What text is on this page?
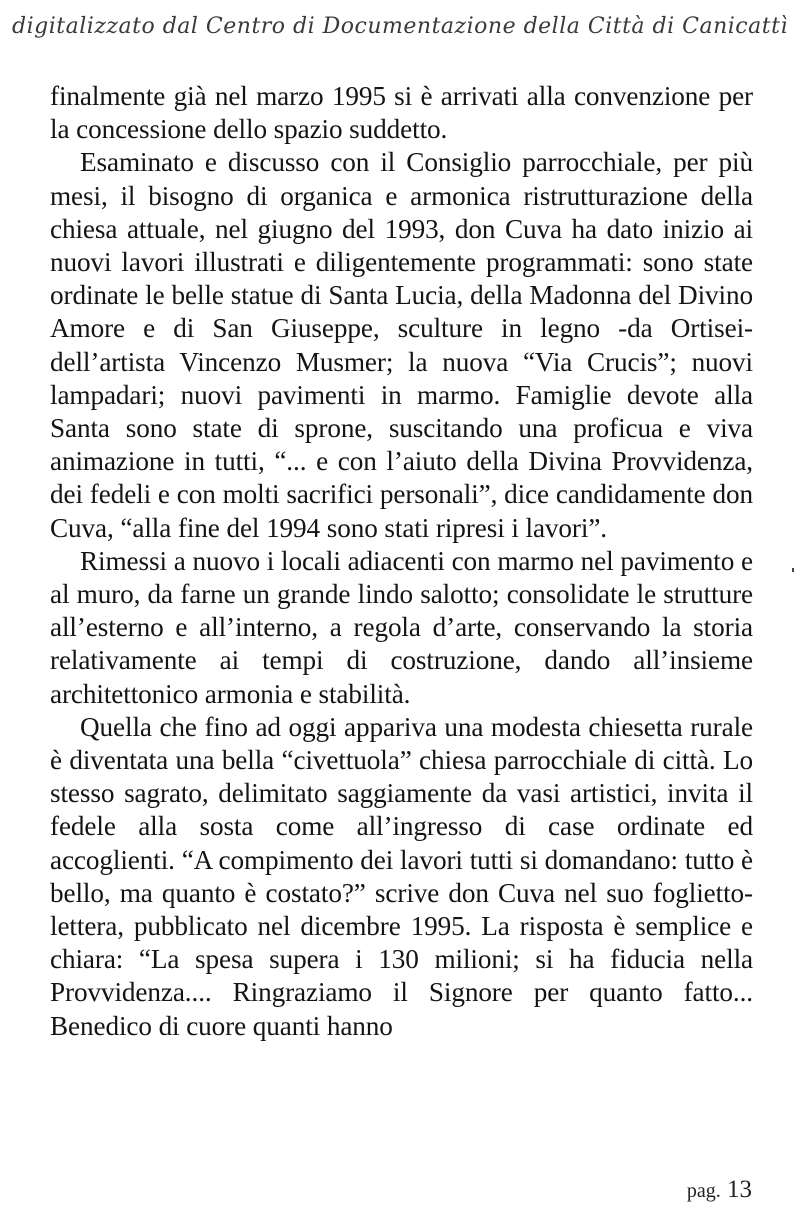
digitalizzato dal Centro di Documentazione della Città di Canicattì

finalmente già nel marzo 1995 si è arrivati alla convenzione per la concessione dello spazio suddetto.

Esaminato e discusso con il Consiglio parrocchiale, per più mesi, il bisogno di organica e armonica ristrutturazione della chiesa attuale, nel giugno del 1993, don Cuva ha dato inizio ai nuovi lavori illustrati e diligentemente programmati: sono state ordinate le belle statue di Santa Lucia, della Madonna del Divino Amore e di San Giuseppe, sculture in legno -da Ortisei- dell’artista Vincenzo Musmer; la nuova “Via Crucis”; nuovi lampadari; nuovi pavimenti in marmo. Famiglie devote alla Santa sono state di sprone, suscitando una proficua e viva animazione in tutti, “... e con l’aiuto della Divina Provvidenza, dei fedeli e con molti sacrifici personali”, dice candidamente don Cuva, “alla fine del 1994 sono stati ripresi i lavori”.

Rimessi a nuovo i locali adiacenti con marmo nel pavimento e al muro, da farne un grande lindo salotto; consolidate le strutture all’esterno e all’interno, a regola d’arte, conservando la storia relativamente ai tempi di costruzione, dando all’insieme architettonico armonia e stabilità.

Quella che fino ad oggi appariva una modesta chiesetta rurale è diventata una bella “civettuola” chiesa parrocchiale di città. Lo stesso sagrato, delimitato saggiamente da vasi artistici, invita il fedele alla sosta come all’ingresso di case ordinate ed accoglienti. “A compimento dei lavori tutti si domandano: tutto è bello, ma quanto è costato?” scrive don Cuva nel suo foglietto-lettera, pubblicato nel dicembre 1995. La risposta è semplice e chiara: “La spesa supera i 130 milioni; si ha fiducia nella Provvidenza.... Ringraziamo il Signore per quanto fatto... Benedico di cuore quanti hanno

pag. 13
